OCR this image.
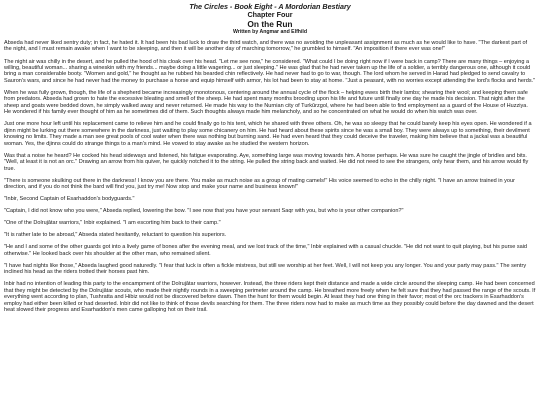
The Circles - Book Eight - A Mordorian Bestiary
Chapter Four
On the Run
Written by Angmar and Elfhild

Abseda had never liked sentry duty; in fact, he hated it. It had been his bad luck to draw the third watch, and there was no avoiding the unpleasant assignment as much as he would like to have. "The darkest part of the night, and I must remain awake when I want to be sleeping, and then it will be another day of marching tomorrow," he grumbled to himself. "An imposition if there ever was one!"

The night air was chilly in the desert, and he pulled the hood of his cloak over his head. "Let me see now," he considered. "What could I be doing right now if I were back in camp? There are many things – enjoying a willing, beautiful woman... sharing a wineskin with my friends... maybe doing a little wagering... or just sleeping." He was glad that he had never taken up the life of a soldier, a terribly dangerous one, although it could bring a man considerable booty. "Women and gold," he thought as he rubbed his bearded chin reflectively. He had never had to go to war, though. The lord whom he served in Harad had pledged to send cavalry to Sauron's wars, and since he had never had the money to purchase a horse and equip himself with armor, his lot had been to stay at home. "Just a peasant, with no worries except attending the lord's flocks and herds."

When he was fully grown, though, the life of a shepherd became increasingly monotonous, centering around the annual cycle of the flock – helping ewes birth their lambs; shearing their wool; and keeping them safe from predators. Abseda had grown to hate the excessive bleating and smell of the sheep. He had spent many months brooding upon his life and future until finally one day he made his decision. That night after the sheep and goats were bedded down, he simply walked away and never returned. He made his way to the Nurnian city of Turkûrzgol, where he had been able to find employment as a guard of the House of Huzziya. He wondered if his family ever thought of him as he sometimes did of them. Such thoughts always made him melancholy, and so he concentrated on what he would do when his watch was over.

Just one more hour left until his replacement came to relieve him and he could finally go to his tent, which he shared with three others. Oh, he was so sleepy that he could barely keep his eyes open. He wondered if a djinn might be lurking out there somewhere in the darkness, just waiting to play some chicanery on him. He had heard about these spirits since he was a small boy. They were always up to something, their devilment knowing no limits. They made a man see great pools of cool water when there was nothing but burning sand. He had even heard that they could deceive the traveler, making him believe that a jackal was a beautiful woman. Yes, the djinns could do strange things to a man's mind. He vowed to stay awake as he studied the western horizon.

Was that a noise he heard? He cocked his head sideways and listened, his fatigue evaporating. Aye, something large was moving towards him. A horse perhaps. He was sure he caught the jingle of bridles and bits. "Well, at least it is not an orc." Drawing an arrow from his quiver, he quickly notched it to the string. He pulled the string back and waited. He did not need to see the strangers, only hear them, and his arrow would fly true.

"There is someone skulking out there in the darkness! I know you are there. You make as much noise as a group of mating camels!" His voice seemed to echo in the chilly night. "I have an arrow trained in your direction, and if you do not think the bard will find you, just try me! Now stop and make your name and business known!"

"Inbir, Second Captain of Esarhaddon's bodyguards."

"Captain, I did not know who you were," Abseda replied, lowering the bow. "I see now that you have your servant Saqr with you, but who is your other companion?"

"One of the Dolrujâtar warriors," Inbir explained. "I am escorting him back to their camp."

"It is rather late to be abroad," Abseda stated hesitantly, reluctant to question his superiors.

"He and I and some of the other guards got into a lively game of bones after the evening meal, and we lost track of the time," Inbir explained with a casual chuckle. "He did not want to quit playing, but his purse said otherwise." He looked back over his shoulder at the other man, who remained silent.

"I have had nights like those," Abseda laughed good naturedly. "I fear that luck is often a fickle mistress, but still we worship at her feet. Well, I will not keep you any longer. You and your party may pass." The sentry inclined his head as the riders trotted their horses past him.

Inbir had no intention of leading this party to the encampment of the Dolrujâtar warriors, however. Instead, the three riders kept their distance and made a wide circle around the sleeping camp. He had been concerned that they might be detected by the Dolrujâtar scouts, who made their nightly rounds in a sweeping perimeter around the camp. He breathed more freely when he felt sure that they had passed the range of the scouts. If everything went according to plan, Tushratta and Hibiz would not be discovered before dawn. Then the hunt for them would begin. At least they had one thing in their favor; most of the orc trackers in Esarhaddon's employ had either been killed or had deserted. Inbir did not like to think of those devils searching for them. The three riders now had to make as much time as they possibly could before the day dawned and the desert heat slowed their progress and Esarhaddon's men came galloping hot on their trail.
